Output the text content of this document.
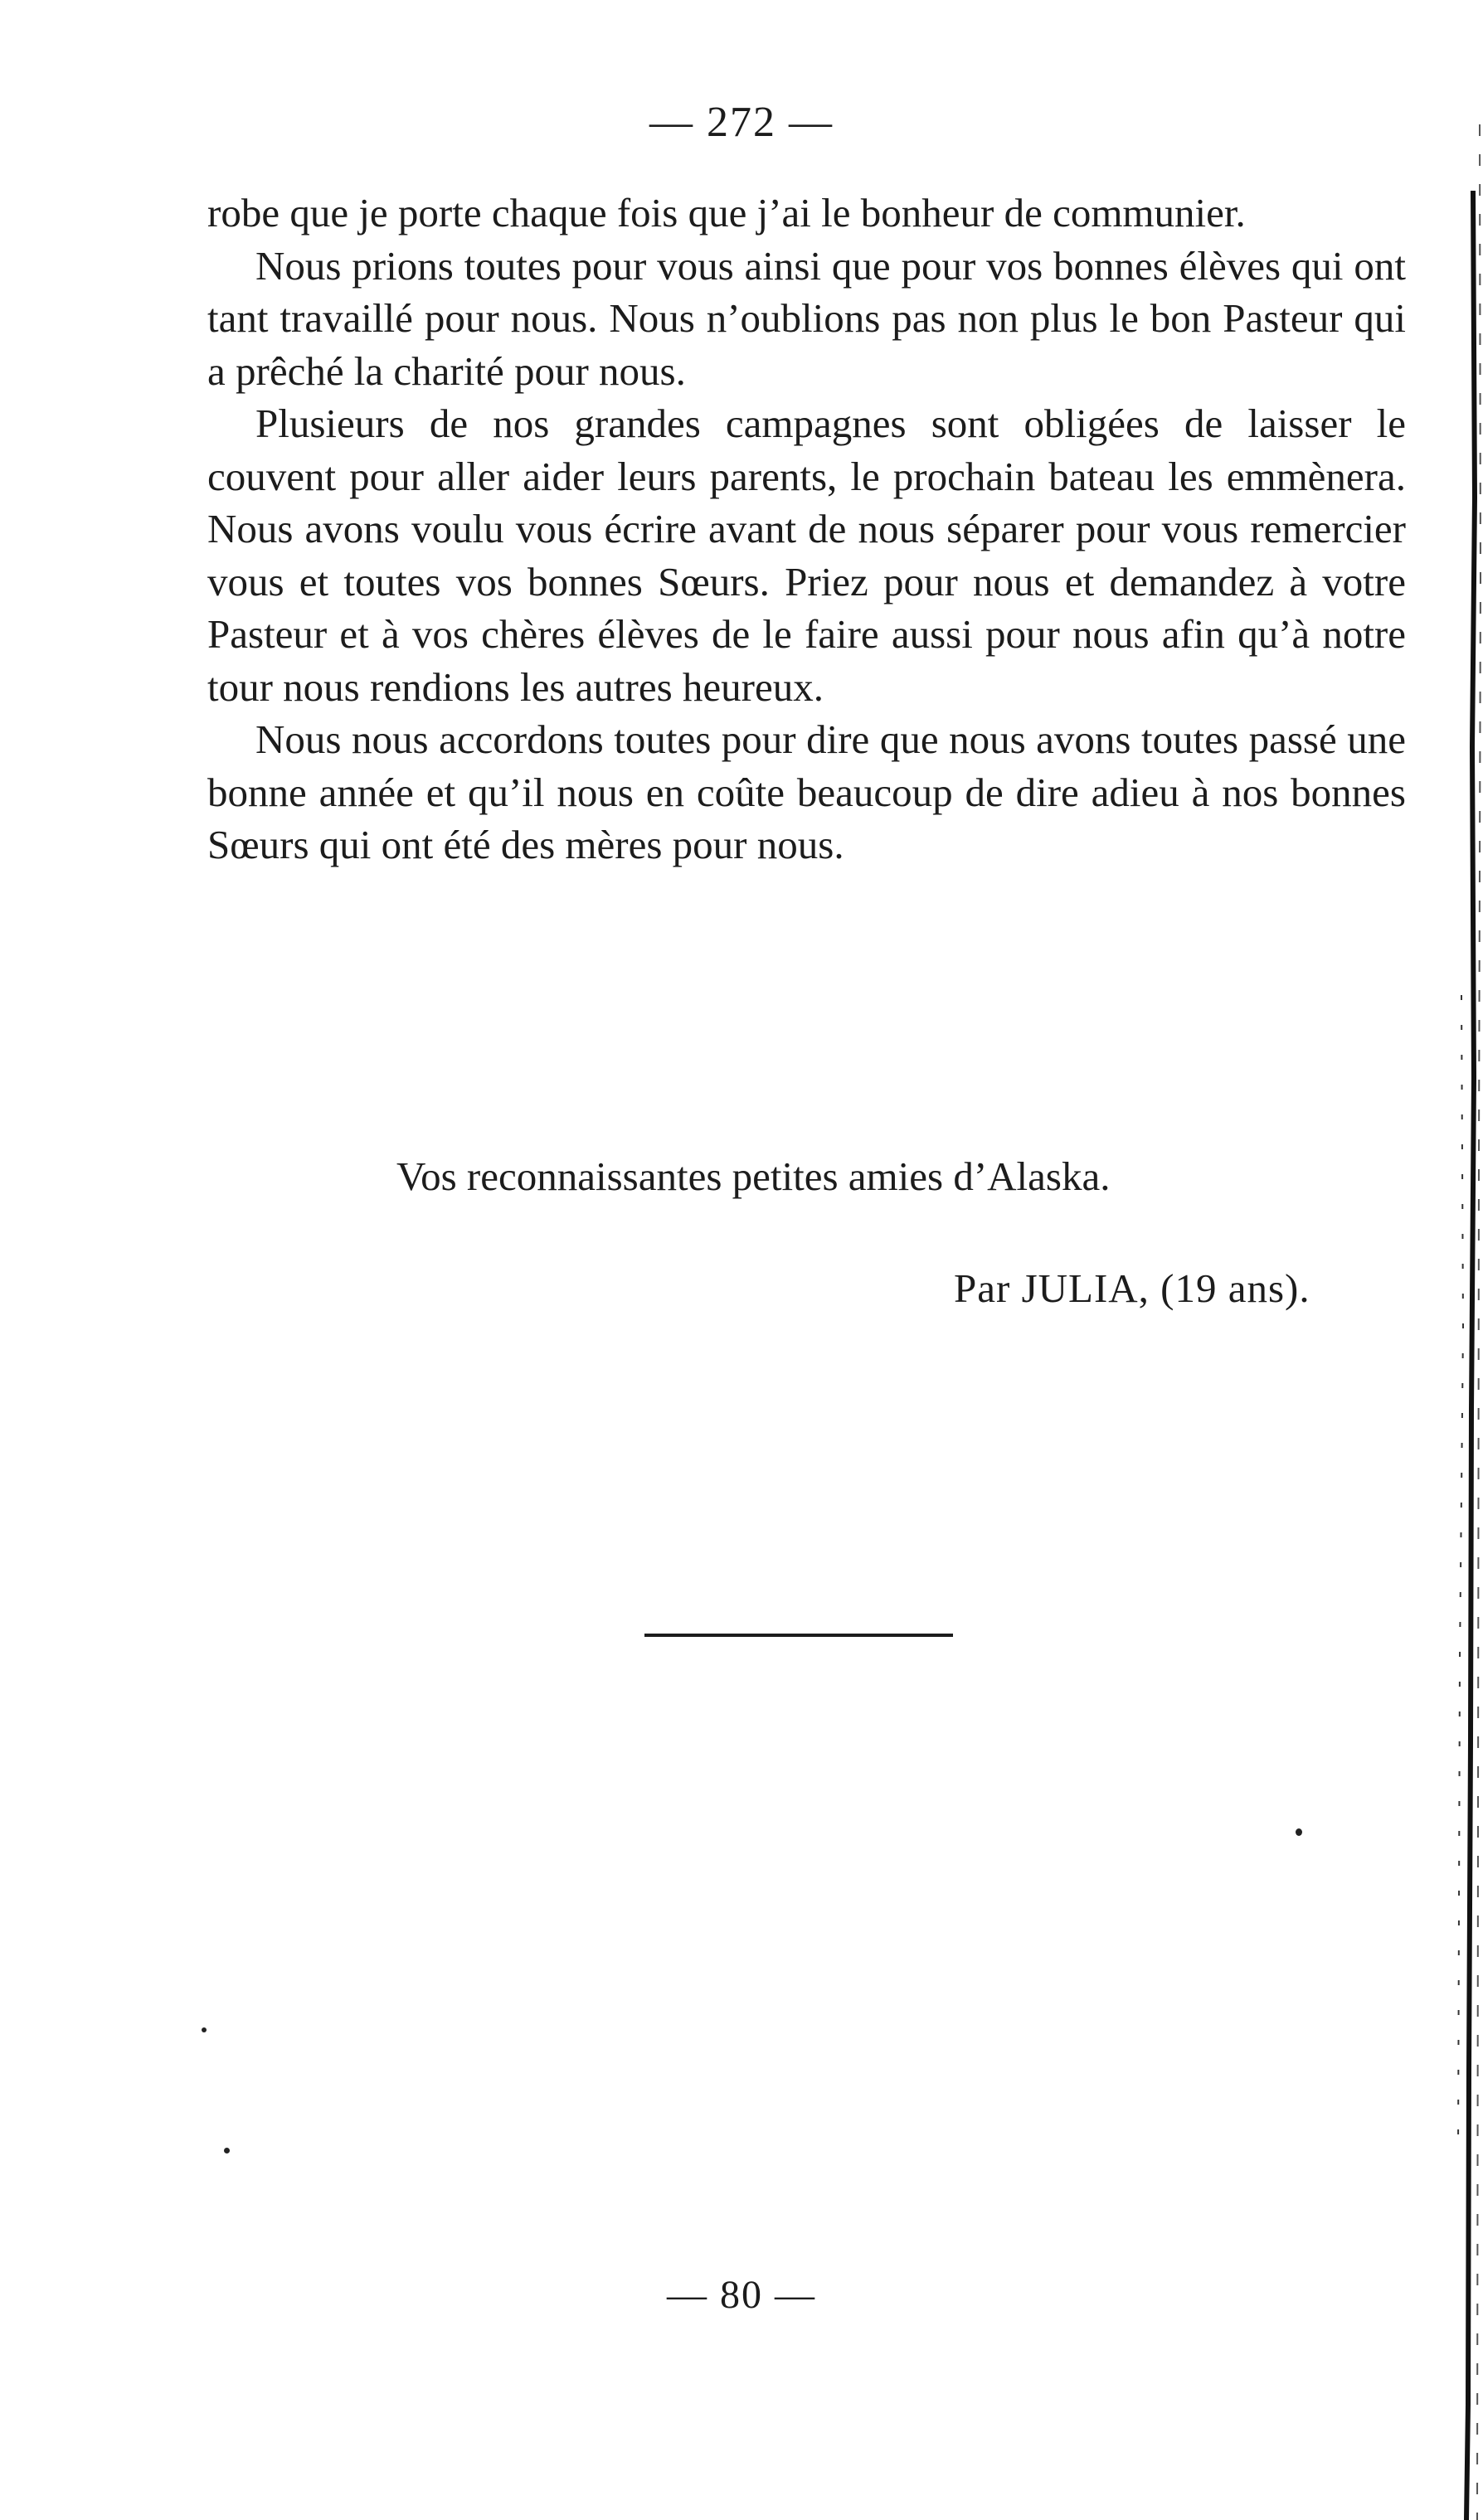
— 272 —

robe que je porte chaque fois que j’ai le bonheur de communier.

Nous prions toutes pour vous ainsi que pour vos bonnes élèves qui ont tant travaillé pour nous. Nous n’oublions pas non plus le bon Pasteur qui a prêché la charité pour nous.

Plusieurs de nos grandes campagnes sont obligées de laisser le couvent pour aller aider leurs parents, le prochain bateau les emmènera. Nous avons voulu vous écrire avant de nous séparer pour vous remercier vous et toutes vos bonnes Sœurs. Priez pour nous et demandez à votre Pasteur et à vos chères élèves de le faire aussi pour nous afin qu’à notre tour nous rendions les autres heureux.

Nous nous accordons toutes pour dire que nous avons toutes passé une bonne année et qu’il nous en coûte beaucoup de dire adieu à nos bonnes Sœurs qui ont été des mères pour nous.

Vos reconnaissantes petites amies d’Alaska.
Par JULIA, (19 ans).
— 80 —
